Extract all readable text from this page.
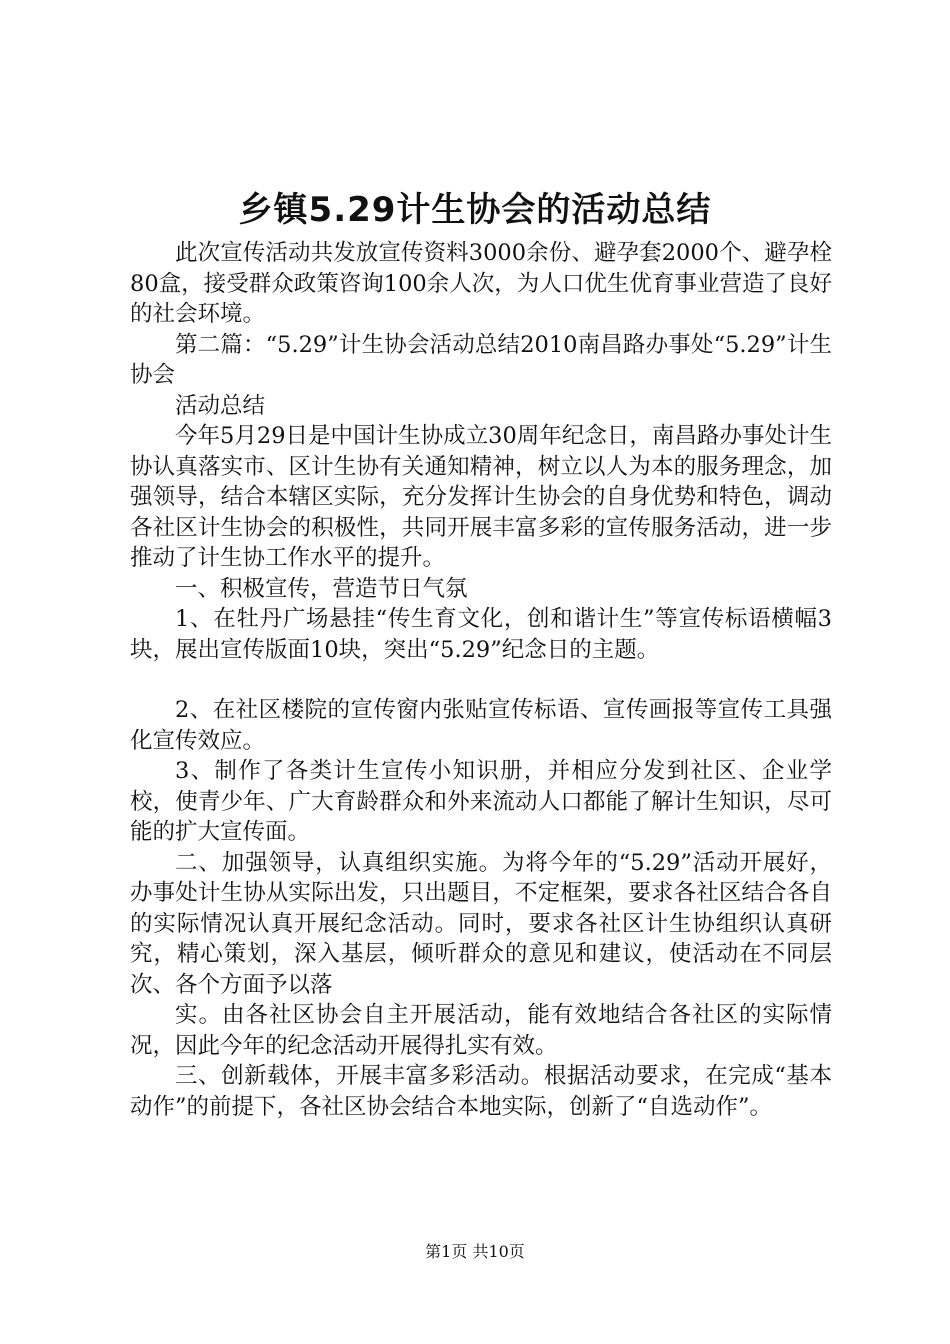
乡镇5.29计生协会的活动总结

此次宣传活动共发放宣传资料3000余份、避孕套2000个、避孕栓80盒，接受群众政策咨询100余人次，为人口优生优育事业营造了良好的社会环境。

第二篇：“5.29”计生协会活动总结2010南昌路办事处“5.29”计生协会

活动总结

今年5月29日是中国计生协成立30周年纪念日，南昌路办事处计生协认真落实市、区计生协有关通知精神，树立以人为本的服务理念，加强领导，结合本辖区实际，充分发挥计生协会的自身优势和特色，调动各社区计生协会的积极性，共同开展丰富多彩的宣传服务活动，进一步推动了计生协工作水平的提升。

一、积极宣传，营造节日气氛

1、在牡丹广场悬挂“传生育文化，创和谐计生”等宣传标语横幅3块，展出宣传版面10块，突出“5.29”纪念日的主题。

2、在社区楼院的宣传窗内张贴宣传标语、宣传画报等宣传工具强化宣传效应。

3、制作了各类计生宣传小知识册，并相应分发到社区、企业学校，使青少年、广大育龄群众和外来流动人口都能了解计生知识，尽可能的扩大宣传面。

二、加强领导，认真组织实施。为将今年的“5.29”活动开展好，办事处计生协从实际出发，只出题目，不定框架，要求各社区结合各自的实际情况认真开展纪念活动。同时，要求各社区计生协组织认真研究，精心策划，深入基层，倾听群众的意见和建议，使活动在不同层次、各个方面予以落

实。由各社区协会自主开展活动，能有效地结合各社区的实际情况，因此今年的纪念活动开展得扎实有效。

三、创新载体，开展丰富多彩活动。根据活动要求，在完成“基本动作”的前提下，各社区协会结合本地实际，创新了“自选动作”。

第1页 共10页
